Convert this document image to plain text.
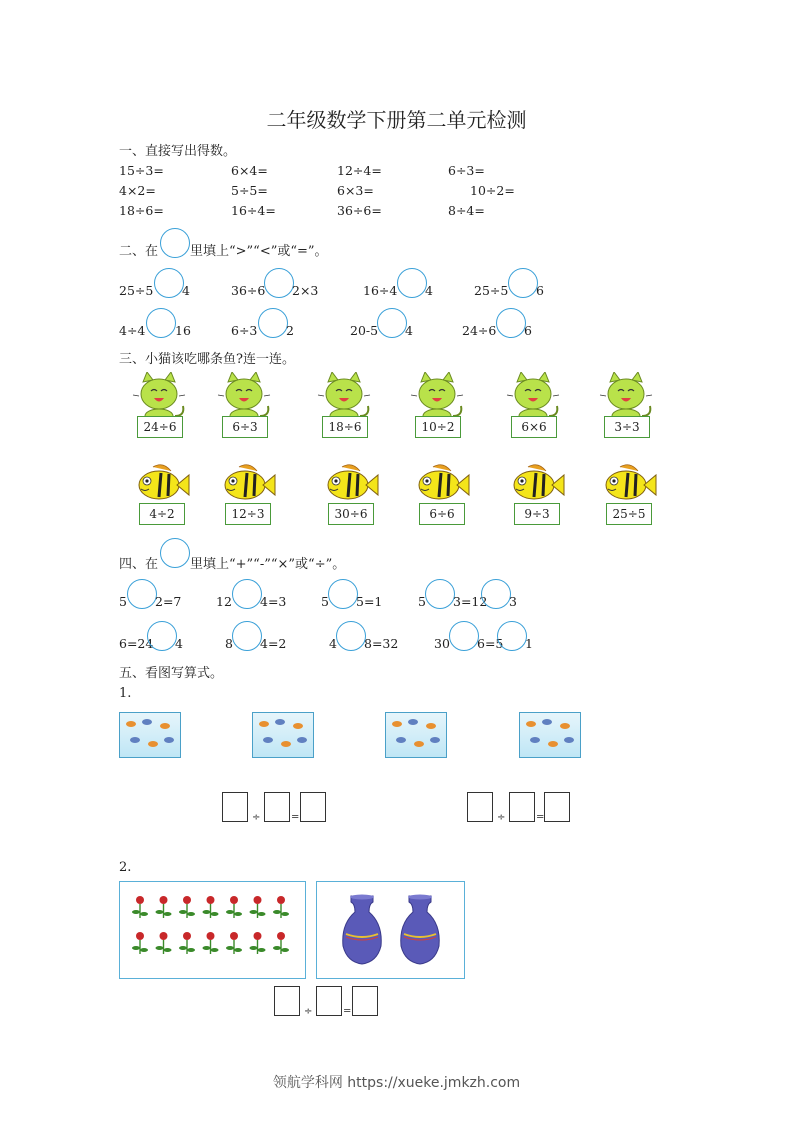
二年级数学下册第二单元检测
一、直接写出得数。
15÷3=	6×4=	12÷4=	6÷3=
4×2=	5÷5=	6×3=	10÷2=
18÷6=	16÷4=	36÷6=	8÷4=
二、在 里填上“>”“<”或“=”。
25÷5 4	36÷6 2×3	16÷4 4	25÷5 6
4÷4 16	6÷3 2	20-5 4	24÷6 6
三、小猫该吃哪条鱼?连一连。
24÷6	6÷3	18÷6	10÷2	6×6	3÷3
4÷2	12÷3	30÷6	6÷6	9÷3	25÷5
四、在 里填上“+”“-”“×”或“÷”。
5 2=7	12 4=3	5 5=1	5 3=12 3
6=24 4	8 4=2	4 8=32	30 6=5 1
五、看图写算式。
1.
÷	=	÷	=
2.
÷	=
领航学科网 https://xueke.jmkzh.com
